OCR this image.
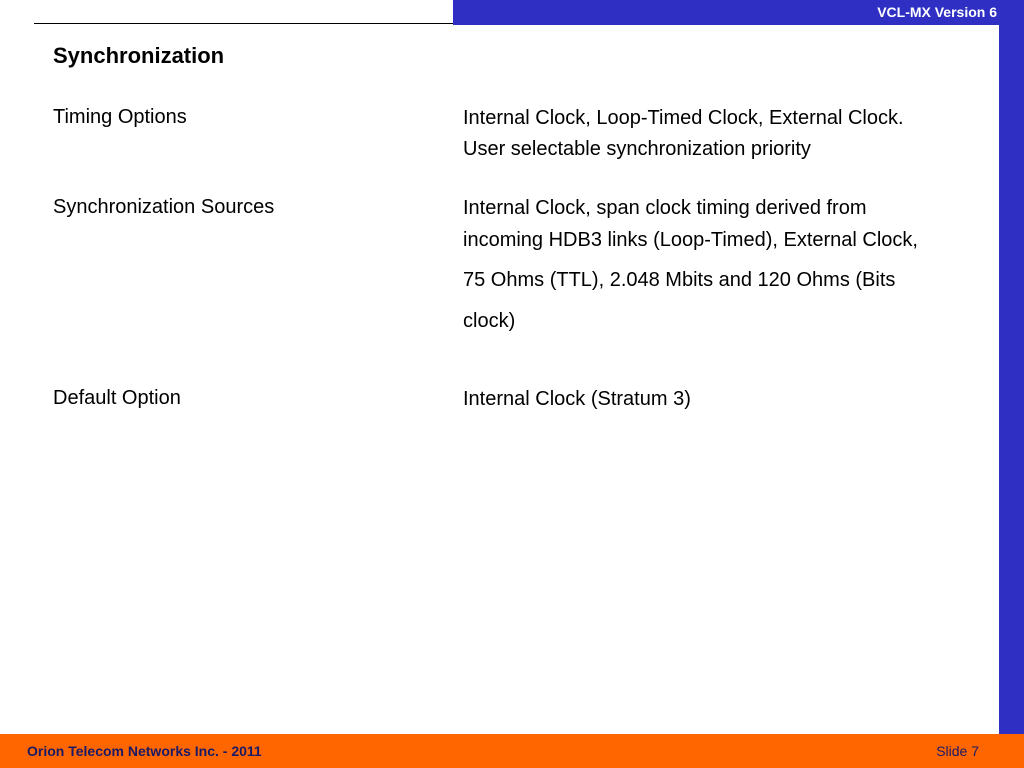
VCL-MX Version 6
Synchronization
Timing Options	Internal Clock, Loop-Timed Clock, External Clock.
User selectable synchronization priority
Synchronization Sources	Internal Clock, span clock timing derived from
incoming HDB3 links (Loop-Timed), External Clock,
75 Ohms (TTL), 2.048 Mbits and 120 Ohms (Bits
clock)
Default Option	Internal Clock (Stratum 3)
Orion Telecom Networks Inc. - 2011	Slide 7
